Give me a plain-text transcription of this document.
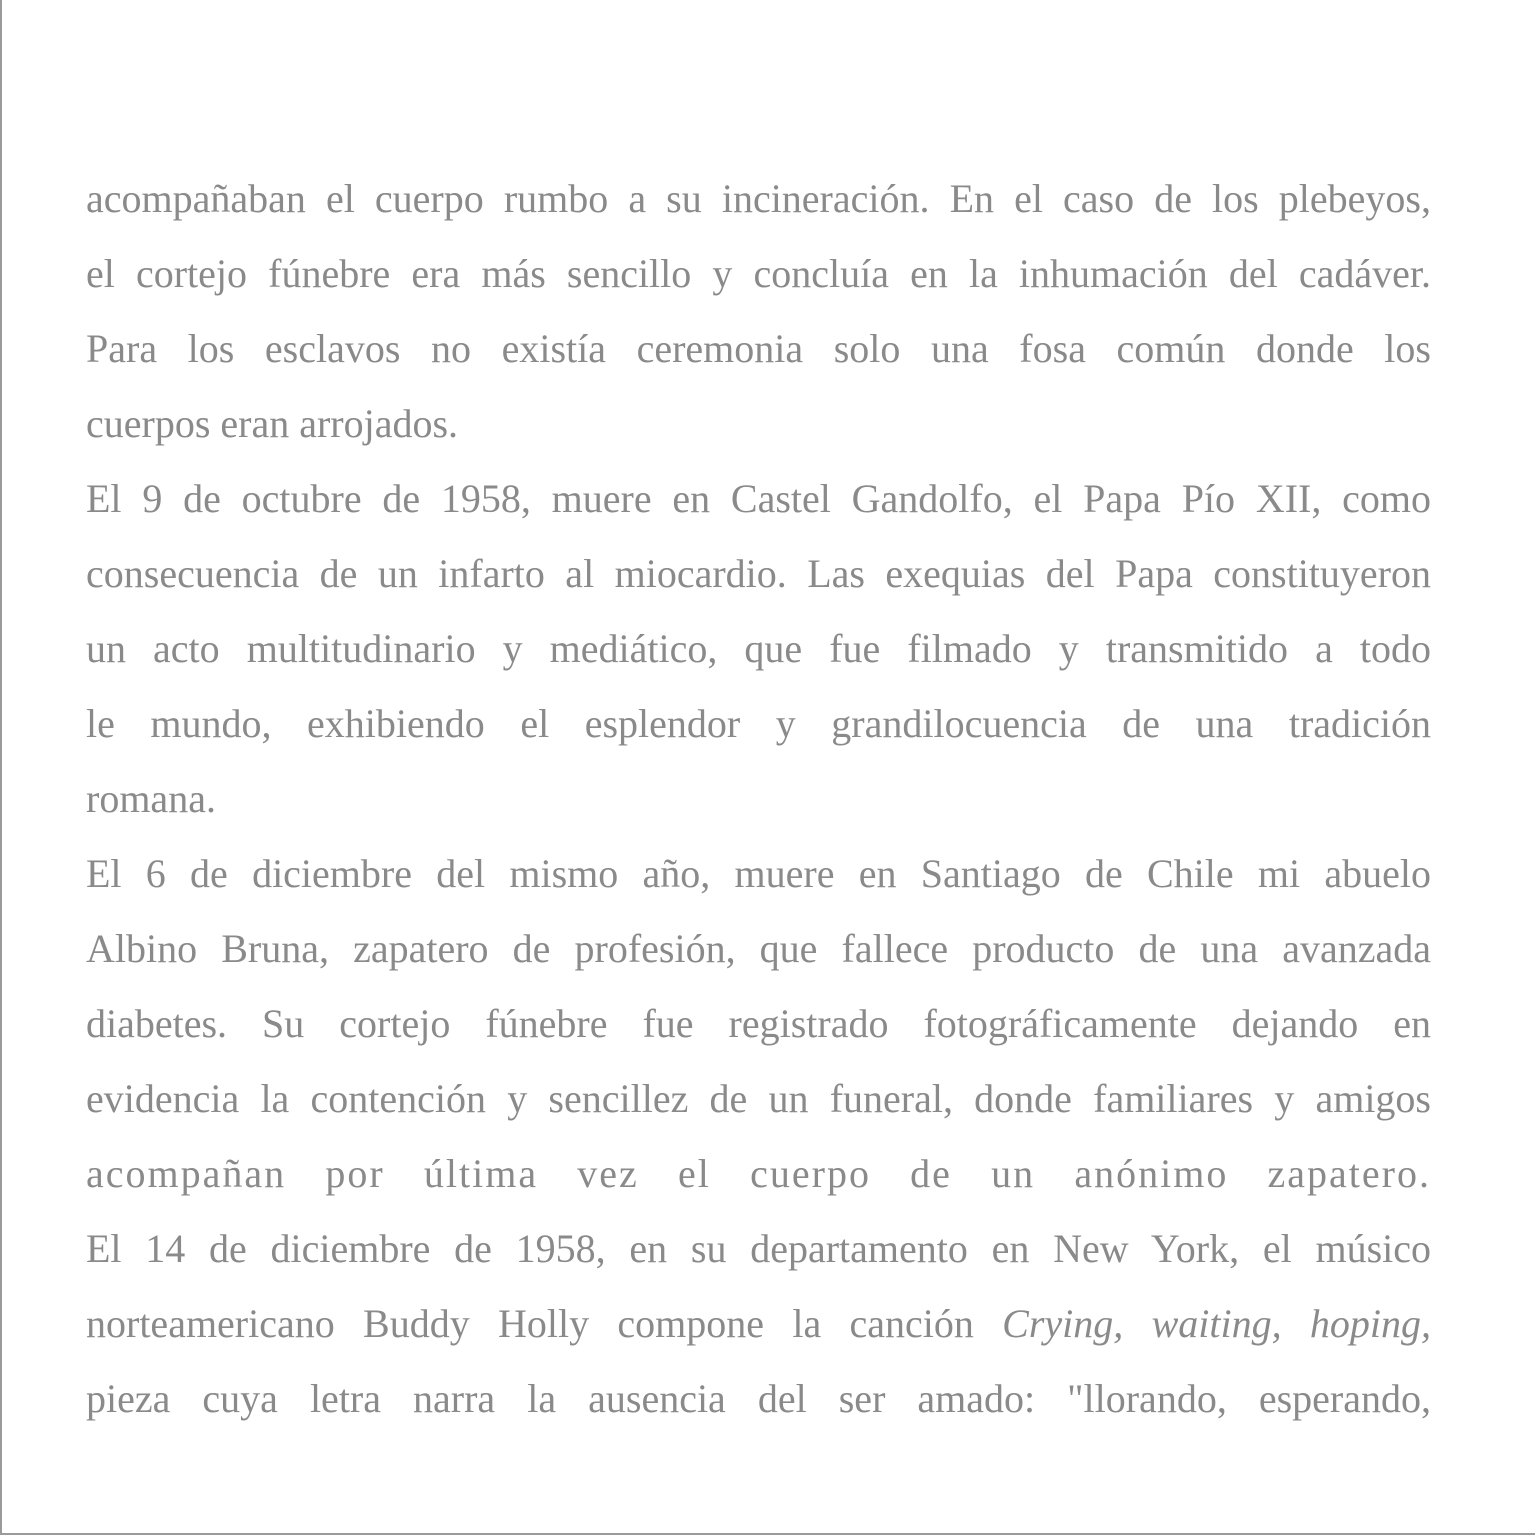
acompañaban el cuerpo rumbo a su incineración. En el caso de los plebeyos,
el cortejo fúnebre era más sencillo y concluía en la inhumación del cadáver.
Para los esclavos no existía ceremonia solo una fosa común donde los
cuerpos eran arrojados.
El 9 de octubre de 1958, muere en Castel Gandolfo, el Papa Pío XII, como
consecuencia de un infarto al miocardio. Las exequias del Papa constituyeron
un acto multitudinario y mediático, que fue filmado y transmitido a todo
le mundo, exhibiendo el esplendor y grandilocuencia de una tradición
romana.
El 6 de diciembre del mismo año, muere en Santiago de Chile mi abuelo
Albino Bruna, zapatero de profesión, que fallece producto de una avanzada
diabetes. Su cortejo fúnebre fue registrado fotográficamente dejando en
evidencia la contención y sencillez de un funeral, donde familiares y amigos
acompañan por última vez el cuerpo de un anónimo zapatero.
El 14 de diciembre de 1958, en su departamento en New York, el músico
norteamericano Buddy Holly compone la canción Crying, waiting, hoping,
pieza cuya letra narra la ausencia del ser amado: "llorando, esperando,
